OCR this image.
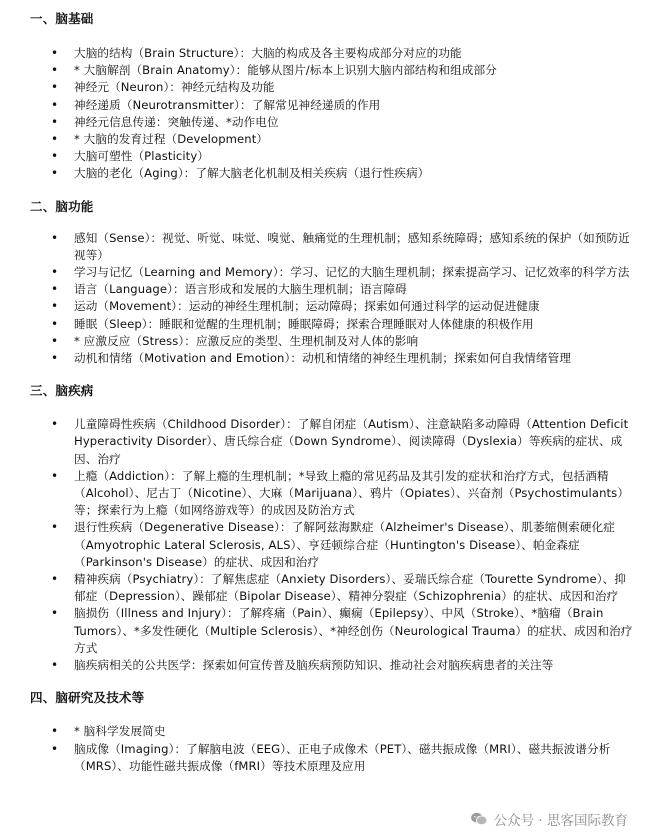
一、脑基础
• 大脑的结构（Brain Structure）：大脑的构成及各主要构成部分对应的功能
• * 大脑解剖（Brain Anatomy）：能够从图片/标本上识别大脑内部结构和组成部分
• 神经元（Neuron）：神经元结构及功能
• 神经递质（Neurotransmitter）：了解常见神经递质的作用
• 神经元信息传递：突触传递、*动作电位
• * 大脑的发育过程（Development）
• 大脑可塑性（Plasticity）
• 大脑的老化（Aging）：了解大脑老化机制及相关疾病（退行性疾病）
二、脑功能
• 感知（Sense）：视觉、听觉、味觉、嗅觉、触痛觉的生理机制；感知系统障碍；感知系统的保护（如预防近视等）
• 学习与记忆（Learning and Memory）：学习、记忆的大脑生理机制；探索提高学习、记忆效率的科学方法
• 语言（Language）：语言形成和发展的大脑生理机制；语言障碍
• 运动（Movement）：运动的神经生理机制；运动障碍；探索如何通过科学的运动促进健康
• 睡眠（Sleep）：睡眠和觉醒的生理机制；睡眠障碍；探索合理睡眠对人体健康的积极作用
• * 应激反应（Stress）：应激反应的类型、生理机制及对人体的影响
• 动机和情绪（Motivation and Emotion）：动机和情绪的神经生理机制；探索如何自我情绪管理
三、脑疾病
• 儿童障碍性疾病（Childhood Disorder）：了解自闭症（Autism）、注意缺陷多动障碍（Attention Deficit Hyperactivity Disorder）、唐氏综合症（Down Syndrome）、阅读障碍（Dyslexia）等疾病的症状、成因、治疗
• 上瘾（Addiction）：了解上瘾的生理机制；*导致上瘾的常见药品及其引发的症状和治疗方式，包括酒精（Alcohol）、尼古丁（Nicotine）、大麻（Marijuana）、鸦片（Opiates）、兴奋剂（Psychostimulants）等；探索行为上瘾（如网络游戏等）的成因及防治方式
• 退行性疾病（Degenerative Disease）：了解阿兹海默症（Alzheimer's Disease）、肌萎缩侧索硬化症（Amyotrophic Lateral Sclerosis, ALS）、亨廷顿综合症（Huntington's Disease）、帕金森症（Parkinson's Disease）的症状、成因和治疗
• 精神疾病（Psychiatry）：了解焦虑症（Anxiety Disorders）、妥瑞氏综合症（Tourette Syndrome）、抑郁症（Depression）、躁郁症（Bipolar Disease）、精神分裂症（Schizophrenia）的症状、成因和治疗
• 脑损伤（Illness and Injury）：了解疼痛（Pain）、癫痫（Epilepsy）、中风（Stroke）、*脑瘤（Brain Tumors）、*多发性硬化（Multiple Sclerosis）、*神经创伤（Neurological Trauma）的症状、成因和治疗方式
• 脑疾病相关的公共医学：探索如何宣传普及脑疾病预防知识、推动社会对脑疾病患者的关注等
四、脑研究及技术等
• * 脑科学发展简史
• 脑成像（Imaging）：了解脑电波（EEG）、正电子成像术（PET）、磁共振成像（MRI）、磁共振波谱分析（MRS）、功能性磁共振成像（fMRI）等技术原理及应用
公众号 · 思客国际教育
